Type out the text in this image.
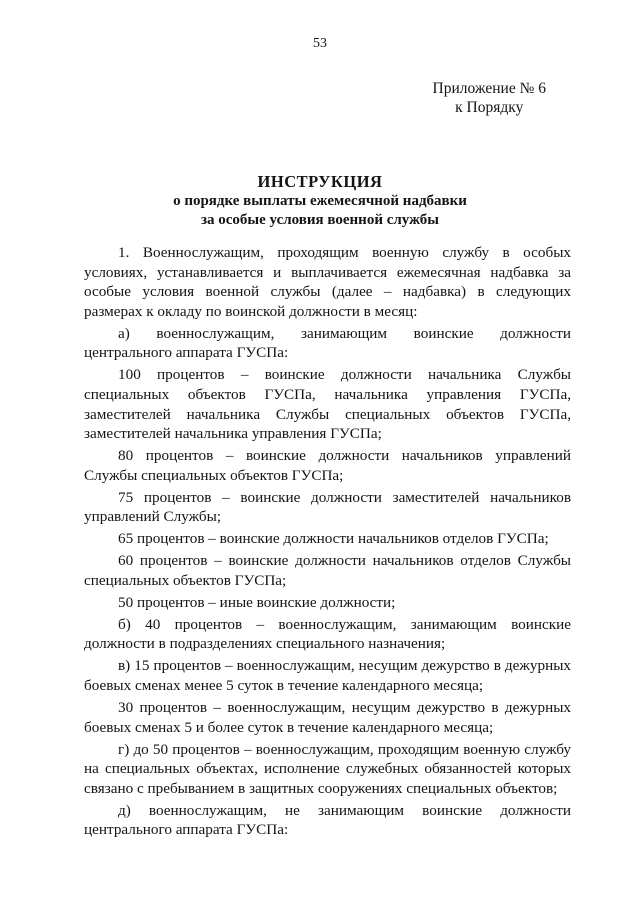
53
Приложение № 6
к Порядку
ИНСТРУКЦИЯ
о порядке выплаты ежемесячной надбавки
за особые условия военной службы

1. Военнослужащим, проходящим военную службу в особых условиях, устанавливается и выплачивается ежемесячная надбавка за особые условия военной службы (далее – надбавка) в следующих размерах к окладу по воинской должности в месяц:

а) военнослужащим, занимающим воинские должности центрального аппарата ГУСПа:

100 процентов – воинские должности начальника Службы специальных объектов ГУСПа, начальника управления ГУСПа, заместителей начальника Службы специальных объектов ГУСПа, заместителей начальника управления ГУСПа;

80 процентов – воинские должности начальников управлений Службы специальных объектов ГУСПа;

75 процентов – воинские должности заместителей начальников управлений Службы;

65 процентов – воинские должности начальников отделов ГУСПа;

60 процентов – воинские должности начальников отделов Службы специальных объектов ГУСПа;

50 процентов – иные воинские должности;

б) 40 процентов – военнослужащим, занимающим воинские должности в подразделениях специального назначения;

в) 15 процентов – военнослужащим, несущим дежурство в дежурных боевых сменах менее 5 суток в течение календарного месяца;

30 процентов – военнослужащим, несущим дежурство в дежурных боевых сменах 5 и более суток в течение календарного месяца;

г) до 50 процентов – военнослужащим, проходящим военную службу на специальных объектах, исполнение служебных обязанностей которых связано с пребыванием в защитных сооружениях специальных объектов;

д) военнослужащим, не занимающим воинские должности центрального аппарата ГУСПа:
